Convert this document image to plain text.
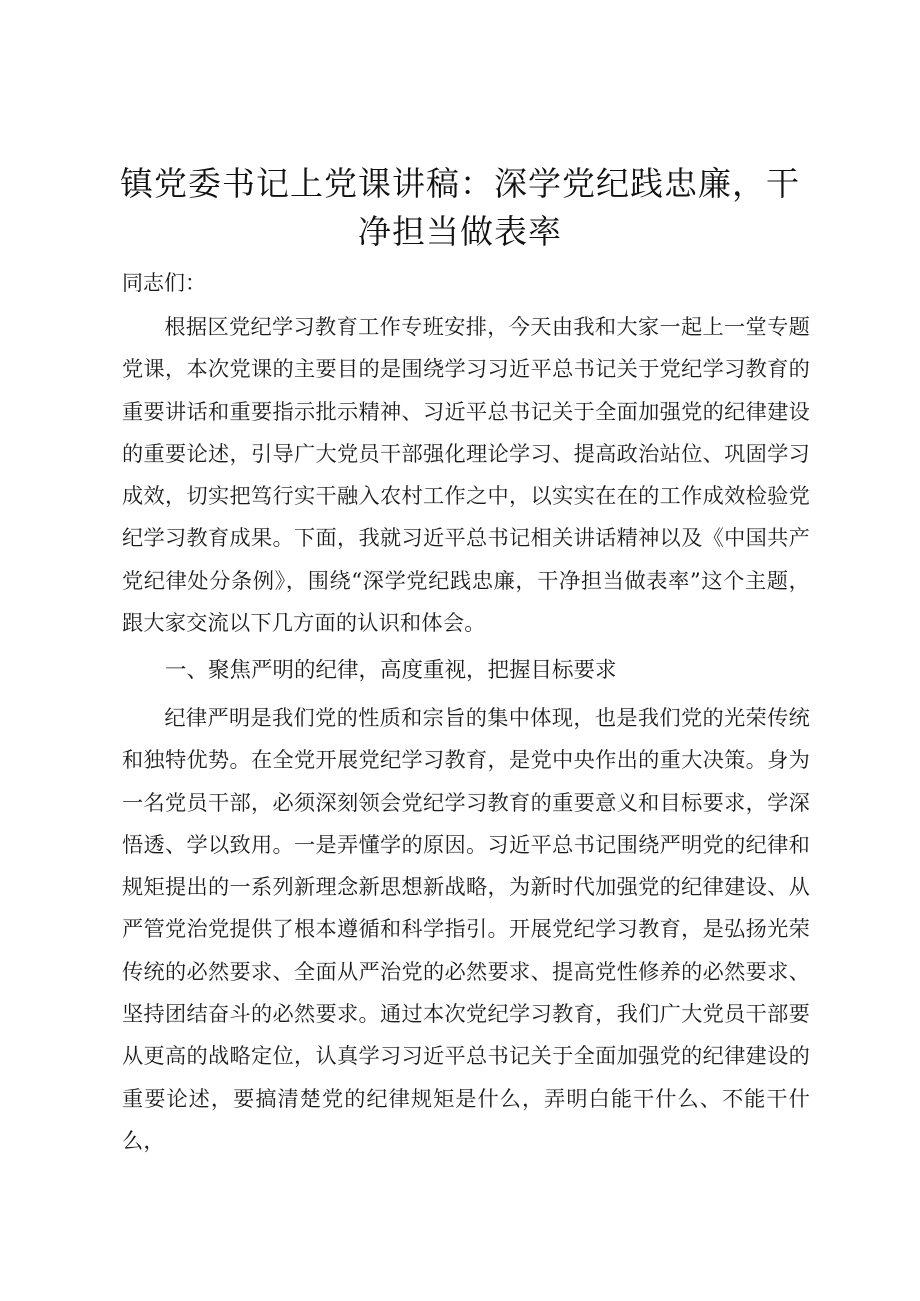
镇党委书记上党课讲稿：深学党纪践忠廉，干净担当做表率

同志们：

根据区党纪学习教育工作专班安排，今天由我和大家一起上一堂专题党课，本次党课的主要目的是围绕学习习近平总书记关于党纪学习教育的重要讲话和重要指示批示精神、习近平总书记关于全面加强党的纪律建设的重要论述，引导广大党员干部强化理论学习、提高政治站位、巩固学习成效，切实把笃行实干融入农村工作之中，以实实在在的工作成效检验党纪学习教育成果。下面，我就习近平总书记相关讲话精神以及《中国共产党纪律处分条例》，围绕“深学党纪践忠廉，干净担当做表率”这个主题，跟大家交流以下几方面的认识和体会。

一、聚焦严明的纪律，高度重视，把握目标要求

纪律严明是我们党的性质和宗旨的集中体现，也是我们党的光荣传统和独特优势。在全党开展党纪学习教育，是党中央作出的重大决策。身为一名党员干部，必须深刻领会党纪学习教育的重要意义和目标要求，学深悟透、学以致用。一是弄懂学的原因。习近平总书记围绕严明党的纪律和规矩提出的一系列新理念新思想新战略，为新时代加强党的纪律建设、从严管党治党提供了根本遵循和科学指引。开展党纪学习教育，是弘扬光荣传统的必然要求、全面从严治党的必然要求、提高党性修养的必然要求、坚持团结奋斗的必然要求。通过本次党纪学习教育，我们广大党员干部要从更高的战略定位，认真学习习近平总书记关于全面加强党的纪律建设的重要论述，要搞清楚党的纪律规矩是什么，弄明白能干什么、不能干什么，
